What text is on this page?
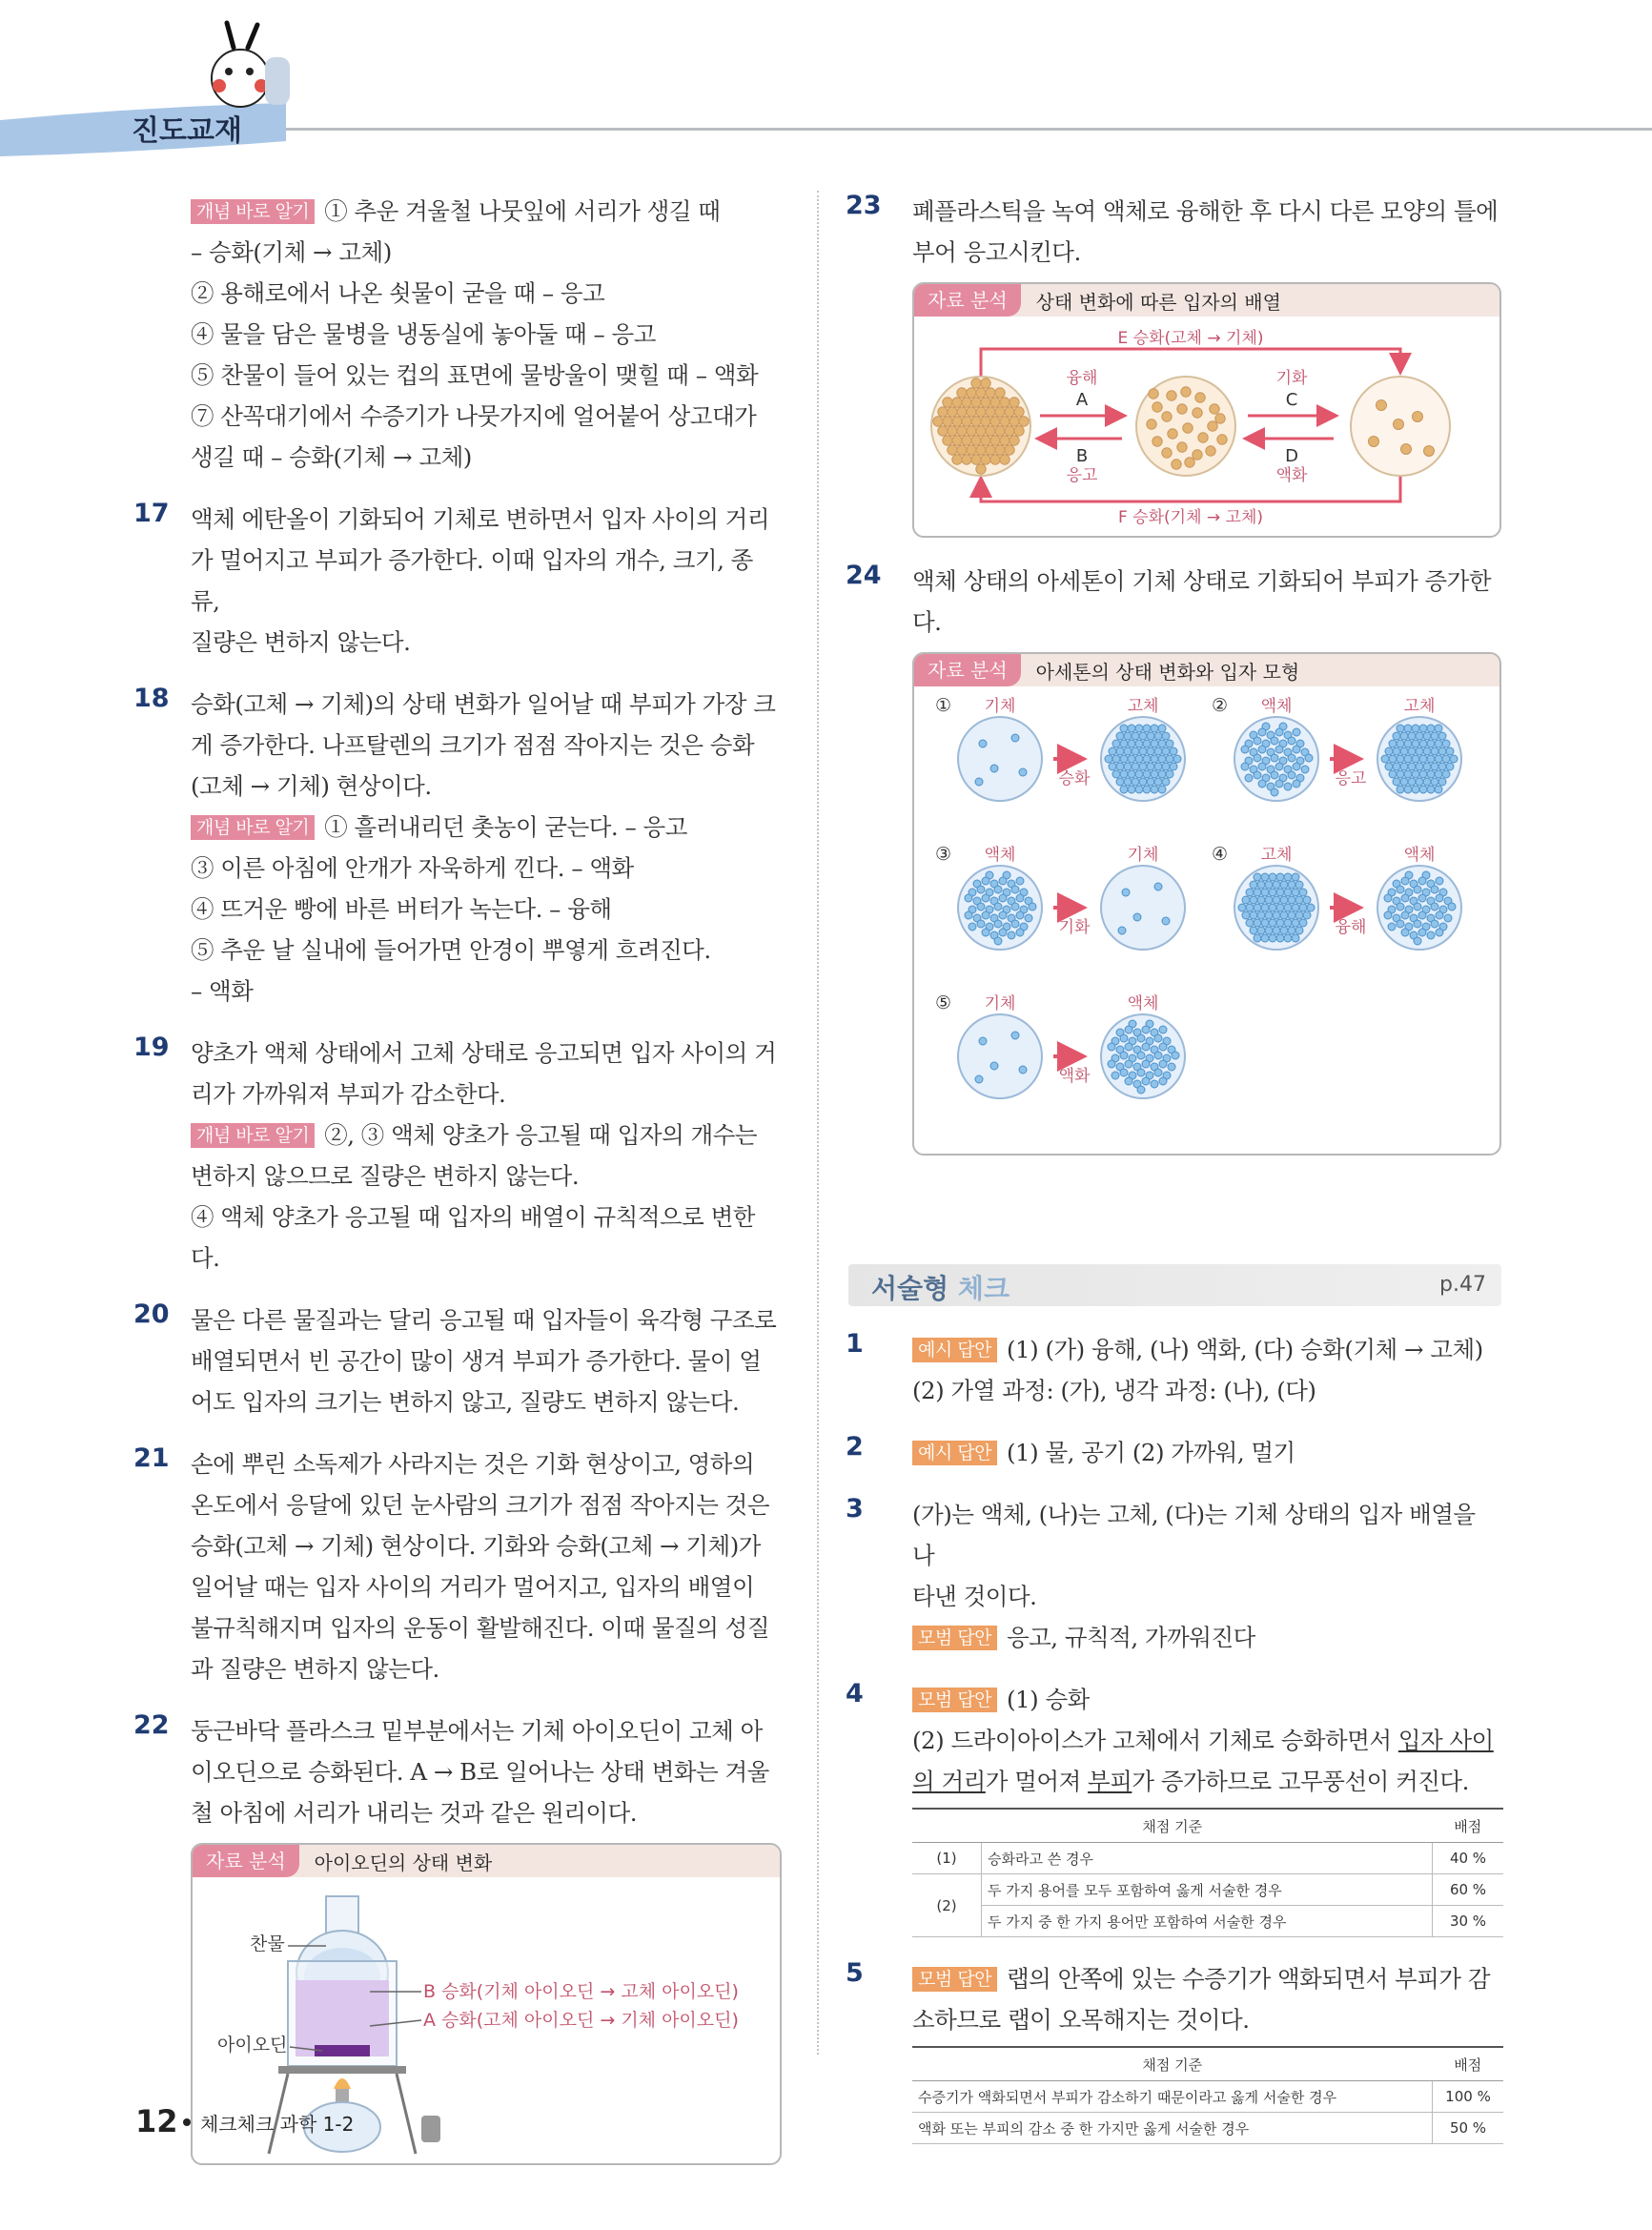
진도교재

개념 바로 알기 ① 추운 겨울철 나뭇잎에 서리가 생길 때

– 승화(기체 → 고체)

② 용해로에서 나온 쇳물이 굳을 때 – 응고

④ 물을 담은 물병을 냉동실에 놓아둘 때 – 응고

⑤ 찬물이 들어 있는 컵의 표면에 물방울이 맺힐 때 – 액화

⑦ 산꼭대기에서 수증기가 나뭇가지에 얼어붙어 상고대가

생길 때 – 승화(기체 → 고체)

17 액체 에탄올이 기화되어 기체로 변하면서 입자 사이의 거리

가 멀어지고 부피가 증가한다. 이때 입자의 개수, 크기, 종류,

질량은 변하지 않는다.

18 승화(고체 → 기체)의 상태 변화가 일어날 때 부피가 가장 크

게 증가한다. 나프탈렌의 크기가 점점 작아지는 것은 승화

(고체 → 기체) 현상이다.

개념 바로 알기 ① 흘러내리던 촛농이 굳는다. – 응고

③ 이른 아침에 안개가 자욱하게 낀다. – 액화

④ 뜨거운 빵에 바른 버터가 녹는다. – 융해

⑤ 추운 날 실내에 들어가면 안경이 뿌옇게 흐려진다.

– 액화

19 양초가 액체 상태에서 고체 상태로 응고되면 입자 사이의 거

리가 가까워져 부피가 감소한다.

개념 바로 알기 ②, ③ 액체 양초가 응고될 때 입자의 개수는

변하지 않으므로 질량은 변하지 않는다.

④ 액체 양초가 응고될 때 입자의 배열이 규칙적으로 변한다.

20 물은 다른 물질과는 달리 응고될 때 입자들이 육각형 구조로

배열되면서 빈 공간이 많이 생겨 부피가 증가한다. 물이 얼

어도 입자의 크기는 변하지 않고, 질량도 변하지 않는다.

21 손에 뿌린 소독제가 사라지는 것은 기화 현상이고, 영하의

온도에서 응달에 있던 눈사람의 크기가 점점 작아지는 것은

승화(고체 → 기체) 현상이다. 기화와 승화(고체 → 기체)가

일어날 때는 입자 사이의 거리가 멀어지고, 입자의 배열이

불규칙해지며 입자의 운동이 활발해진다. 이때 물질의 성질

과 질량은 변하지 않는다.

22 둥근바닥 플라스크 밑부분에서는 기체 아이오딘이 고체 아

이오딘으로 승화된다. A → B로 일어나는 상태 변화는 겨울

철 아침에 서리가 내리는 것과 같은 원리이다.

자료 분석	아이오딘의 상태 변화
찬물
아이오딘
B 승화(기체 아이오딘 → 고체 아이오딘)
A 승화(고체 아이오딘 → 기체 아이오딘)
23 폐플라스틱을 녹여 액체로 융해한 후 다시 다른 모양의 틀에

부어 응고시킨다.

자료 분석	상태 변화에 따른 입자의 배열
E 승화(고체 → 기체)
F 승화(기체 → 고체)
융해
A
B
응고
기화
C
D
액화
24 액체 상태의 아세톤이 기체 상태로 기화되어 부피가 증가한다.

자료 분석	아세톤의 상태 변화와 입자 모형
① 기체	고체
승화
② 액체	고체
응고
③ 액체	기체
기화
④ 고체	액체
융해
⑤ 기체	액체
액화
서술형 체크	p.47
1	예시 답안 (1) (가) 융해, (나) 액화, (다) 승화(기체 → 고체)

(2) 가열 과정: (가), 냉각 과정: (나), (다)

2	예시 답안 (1) 물, 공기 (2) 가까워, 멀기

3 (가)는 액체, (나)는 고체, (다)는 기체 상태의 입자 배열을 나

타낸 것이다.

모범 답안 응고, 규칙적, 가까워진다

4	모범 답안 (1) 승화

(2) 드라이아이스가 고체에서 기체로 승화하면서 입자 사이

의 거리가 멀어져 부피가 증가하므로 고무풍선이 커진다.

채점 기준		배점
(1)	승화라고 쓴 경우	40 %
(2)	두 가지 용어를 모두 포함하여 옳게 서술한 경우	60 %
	두 가지 중 한 가지 용어만 포함하여 서술한 경우	30 %
5	모범 답안 랩의 안쪽에 있는 수증기가 액화되면서 부피가 감

소하므로 랩이 오목해지는 것이다.

채점 기준	배점
수증기가 액화되면서 부피가 감소하기 때문이라고 옳게 서술한 경우	100 %
액화 또는 부피의 감소 중 한 가지만 옳게 서술한 경우	50 %
12 체크체크 과학 1-2
